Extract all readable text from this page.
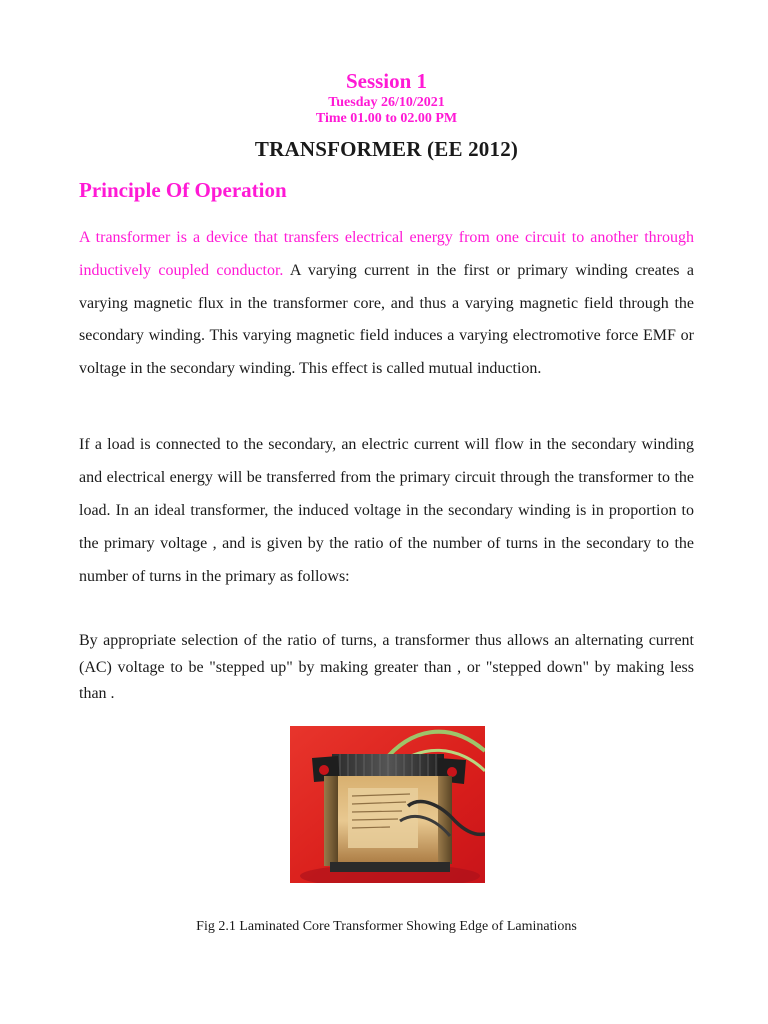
Session 1
Tuesday 26/10/2021
Time 01.00 to 02.00 PM
TRANSFORMER (EE 2012)
Principle Of Operation

A transformer is a device that transfers electrical energy from one circuit to another through inductively coupled conductor. A varying current in the first or primary winding creates a varying magnetic flux in the transformer core, and thus a varying magnetic field through the secondary winding. This varying magnetic field induces a varying electromotive force EMF or voltage in the secondary winding. This effect is called mutual induction.

If a load is connected to the secondary, an electric current will flow in the secondary winding and electrical energy will be transferred from the primary circuit through the transformer to the load. In an ideal transformer, the induced voltage in the secondary winding is in proportion to the primary voltage , and is given by the ratio of the number of turns in the secondary to the number of turns in the primary as follows:

By appropriate selection of the ratio of turns, a transformer thus allows an alternating current (AC) voltage to be "stepped up" by making greater than , or "stepped down" by making less than .

Fig 2.1 Laminated Core Transformer Showing Edge of Laminations
